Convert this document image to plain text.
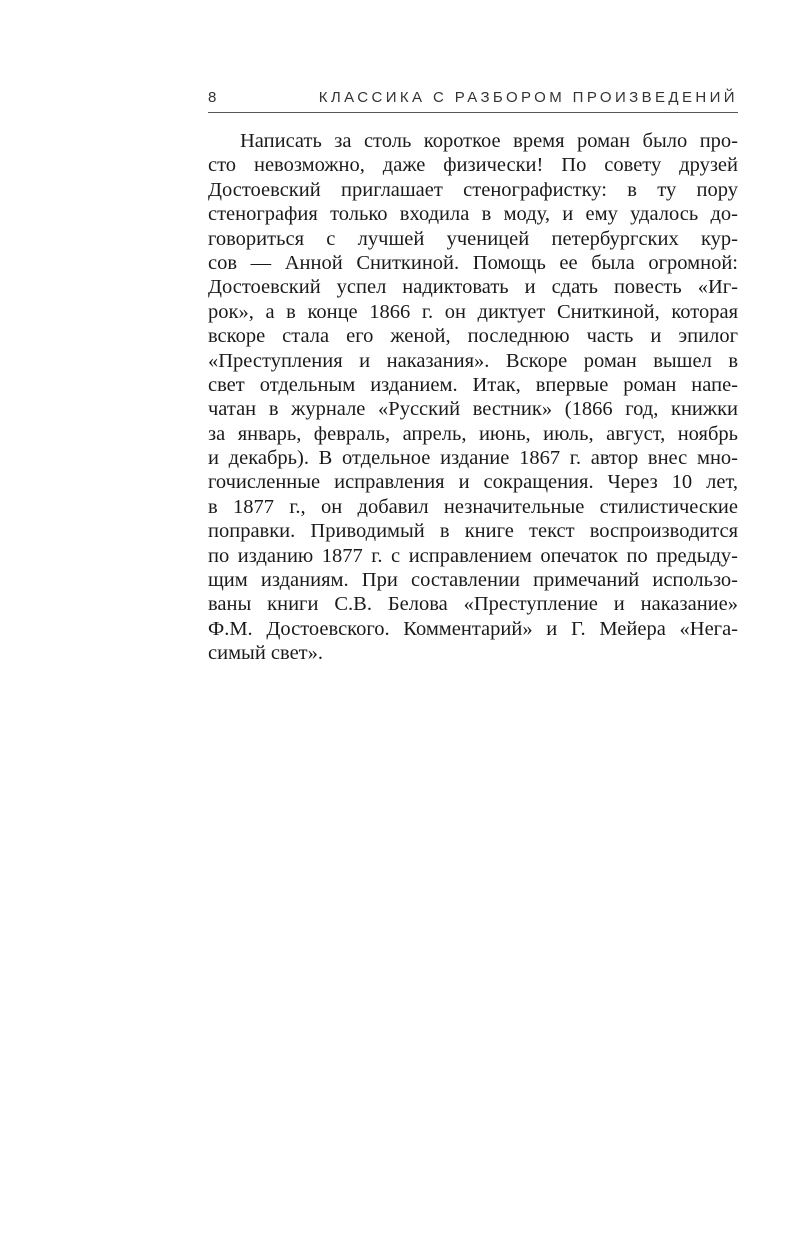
8	КЛАССИКА С РАЗБОРОМ ПРОИЗВЕДЕНИЙ
Написать за столь короткое время роман было про-
сто невозможно, даже физически! По совету друзей
Достоевский приглашает стенографистку: в ту пору
стенография только входила в моду, и ему удалось до-
говориться с лучшей ученицей петербургских кур-
сов — Анной Сниткиной. Помощь ее была огромной:
Достоевский успел надиктовать и сдать повесть «Иг-
рок», а в конце 1866 г. он диктует Сниткиной, которая
вскоре стала его женой, последнюю часть и эпилог
«Преступления и наказания». Вскоре роман вышел в
свет отдельным изданием. Итак, впервые роман напе-
чатан в журнале «Русский вестник» (1866 год, книжки
за январь, февраль, апрель, июнь, июль, август, ноябрь
и декабрь). В отдельное издание 1867 г. автор внес мно-
гочисленные исправления и сокращения. Через 10 лет,
в 1877 г., он добавил незначительные стилистические
поправки. Приводимый в книге текст воспроизводится
по изданию 1877 г. с исправлением опечаток по предыду-
щим изданиям. При составлении примечаний использо-
ваны книги С.В. Белова «Преступление и наказание»
Ф.М. Достоевского. Комментарий» и Г. Мейера «Нега-
симый свет».
